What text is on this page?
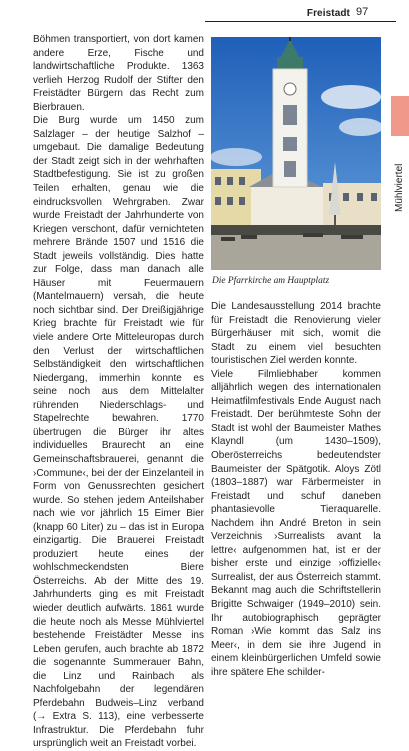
Freistadt 97

Böhmen transportiert, von dort kamen andere Erze, Fische und landwirtschaftliche Produkte. 1363 verlieh Herzog Rudolf der Stifter den Freistädter Bürgern das Recht zum Bierbrauen.

Die Burg wurde um 1450 zum Salzlager – der heutige Salzhof – umgebaut. Die damalige Bedeutung der Stadt zeigt sich in der wehrhaften Stadtbefestigung. Sie ist zu großen Teilen erhalten, genau wie die eindrucksvollen Wehrgraben. Zwar wurde Freistadt der Jahrhunderte von Kriegen verschont, dafür vernichteten mehrere Brände 1507 und 1516 die Stadt jeweils vollständig. Dies hatte zur Folge, dass man danach alle Häuser mit Feuermauern (Mantelmauern) versah, die heute noch sichtbar sind. Der Dreißigjährige Krieg brachte für Freistadt wie für viele andere Orte Mitteleuropas durch den Verlust der wirtschaftlichen Selbständigkeit den wirtschaftlichen Niedergang, immerhin konnte es seine noch aus dem Mittelalter rührenden Niederschlags- und Stapelrechte bewahren. 1770 übertrugen die Bürger ihr altes individuelles Braurecht an eine Gemeinschaftsbrauerei, genannt die ›Commune‹, bei der der Einzelanteil in Form von Genussrechten gesichert wurde. So stehen jedem Anteilshaber nach wie vor jährlich 15 Eimer Bier (knapp 60 Liter) zu – das ist in Europa einzigartig. Die Brauerei Freistadt produziert heute eines der wohlschmeckendsten Biere Österreichs. Ab der Mitte des 19. Jahrhunderts ging es mit Freistadt wieder deutlich aufwärts. 1861 wurde die heute noch als Messe Mühlviertel bestehende Freistädter Messe ins Leben gerufen, auch brachte ab 1872 die sogenannte Summerauer Bahn, die Linz und Rainbach als Nachfolgebahn der legendären Pferdebahn Budweis–Linz verband (→ Extra S. 113), eine verbesserte Infrastruktur. Die Pferdebahn fuhr ursprünglich weit an Freistadt vorbei.

Die Pfarrkirche am Hauptplatz

Die Landesausstellung 2014 brachte für Freistadt die Renovierung vieler Bürgerhäuser mit sich, womit die Stadt zu einem viel besuchten touristischen Ziel werden konnte.

Viele Filmliebhaber kommen alljährlich wegen des internationalen Heimatfilmfestivals Ende August nach Freistadt. Der berühmteste Sohn der Stadt ist wohl der Baumeister Mathes Klayndl (um 1430–1509), Oberösterreichs bedeutendster Baumeister der Spätgotik. Aloys Zötl (1803–1887) war Färbermeister in Freistadt und schuf daneben phantasievolle Tieraquarelle. Nachdem ihn André Breton in sein Verzeichnis ›Surrealists avant la lettre‹ aufgenommen hat, ist er der bisher erste und einzige ›offizielle‹ Surrealist, der aus Österreich stammt. Bekannt mag auch die Schriftstellerin Brigitte Schwaiger (1949–2010) sein. Ihr autobiographisch geprägter Roman ›Wie kommt das Salz ins Meer‹, in dem sie ihre Jugend in einem kleinbürgerlichen Umfeld sowie ihre spätere Ehe schilder-

Mühlviertel
